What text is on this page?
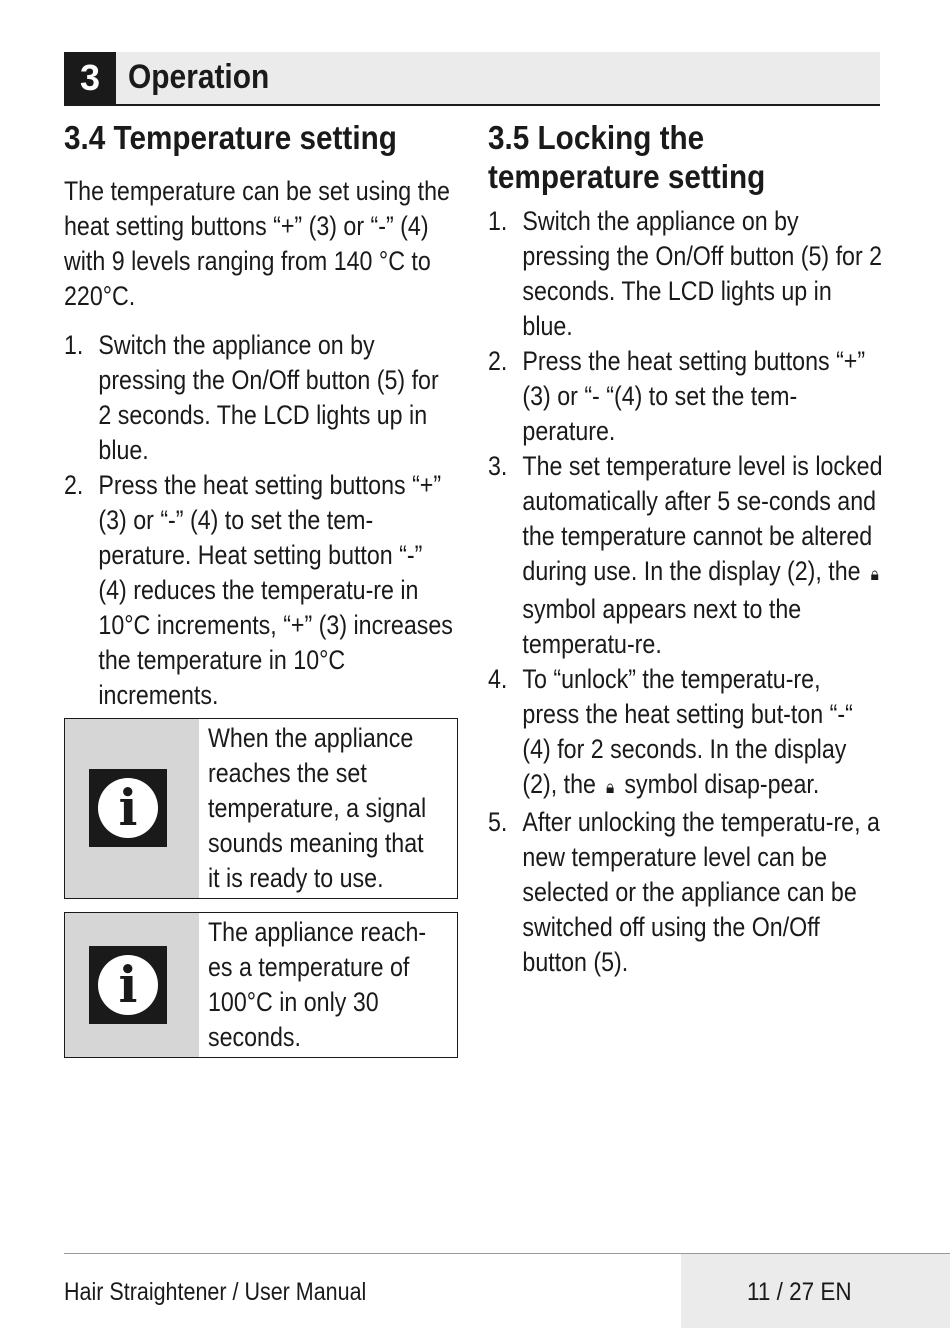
3 Operation
3.4 Temperature setting

The temperature can be set using the heat setting buttons “+” (3) or “-” (4) with 9 levels ranging from 140 °C to 220°C.

1. Switch the appliance on by pressing the On/Off button (5) for 2 seconds. The LCD lights up in blue.
2. Press the heat setting buttons “+” (3) or “-” (4) to set the tem-perature. Heat setting button “-” (4) reduces the temperatu-re in 10°C increments, “+” (3) increases the temperature in 10°C increments.
i
When the appliance reaches the set temperature, a signal sounds meaning that it is ready to use.
i
The appliance reach-es a temperature of 100°C in only 30 seconds.
3.5 Locking the temperature setting
1. Switch the appliance on by pressing the On/Off button (5) for 2 seconds. The LCD lights up in blue.
2. Press the heat setting buttons “+” (3) or “- “(4) to set the tem-perature.
3. The set temperature level is locked automatically after 5 se-conds and the temperature cannot be altered during use. In the display (2), the 🔒︎ symbol appears next to the temperatu-re.
4. To “unlock” the temperatu-re, press the heat setting but-ton “-“ (4) for 2 seconds. In the display (2), the 🔒︎ symbol disap-pear.
5. After unlocking the temperatu-re, a new temperature level can be selected or the appliance can be switched off using the On/Off button (5).
Hair Straightener / User Manual	11 / 27 EN
